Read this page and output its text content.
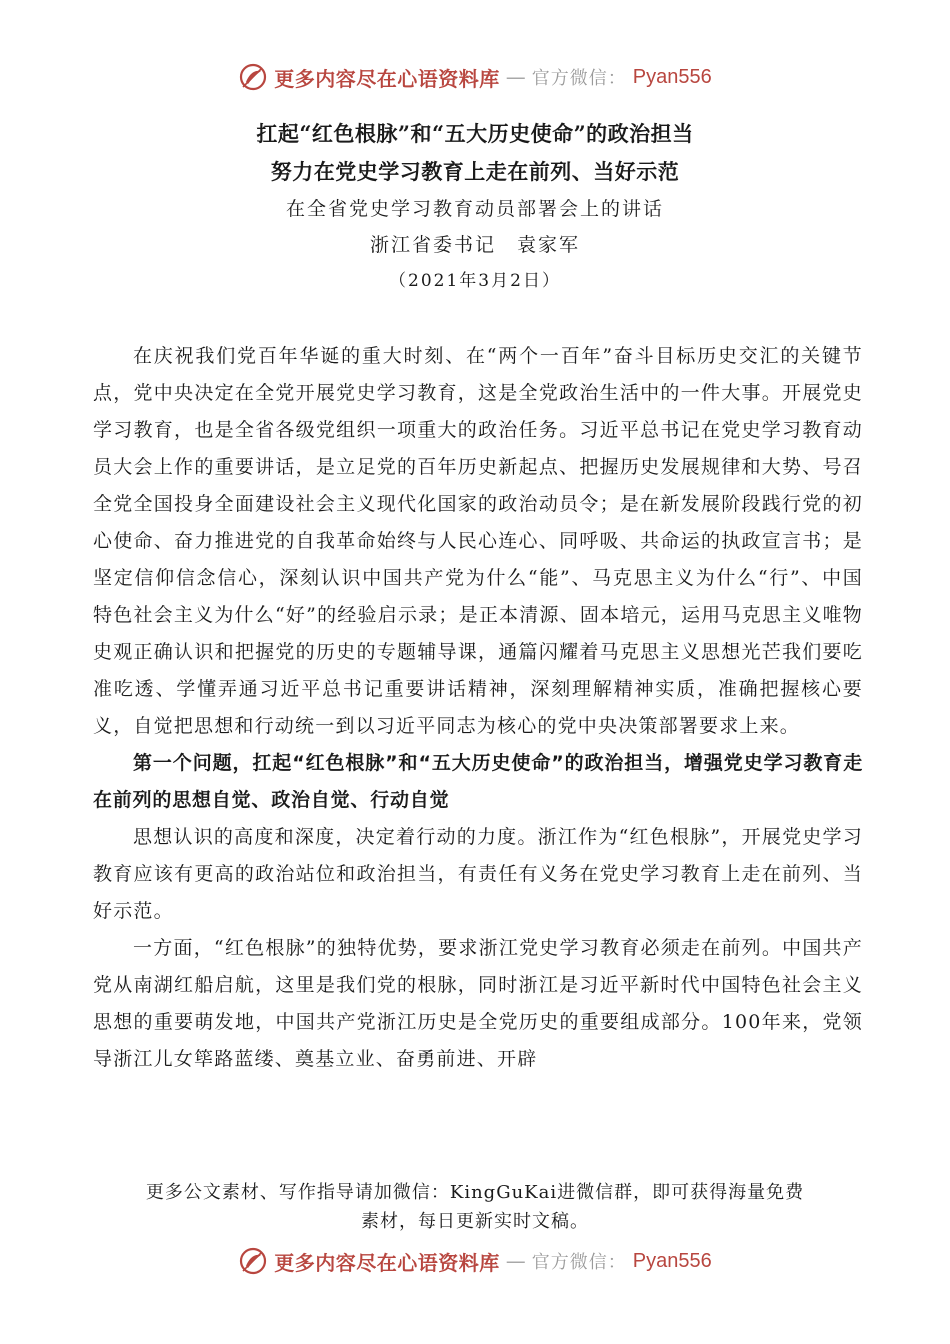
更多内容尽在心语资料库 — 官方微信： Pyan556
扛起“红色根脉”和“五大历史使命”的政治担当
努力在党史学习教育上走在前列、当好示范
在全省党史学习教育动员部署会上的讲话
浙江省委书记　袁家军
（2021年3月2日）

在庆祝我们党百年华诞的重大时刻、在“两个一百年”奋斗目标历史交汇的关键节点，党中央决定在全党开展党史学习教育，这是全党政治生活中的一件大事。开展党史学习教育，也是全省各级党组织一项重大的政治任务。习近平总书记在党史学习教育动员大会上作的重要讲话，是立足党的百年历史新起点、把握历史发展规律和大势、号召全党全国投身全面建设社会主义现代化国家的政治动员令；是在新发展阶段践行党的初心使命、奋力推进党的自我革命始终与人民心连心、同呼吸、共命运的执政宣言书；是坚定信仰信念信心，深刻认识中国共产党为什么“能”、马克思主义为什么“行”、中国特色社会主义为什么“好”的经验启示录；是正本清源、固本培元，运用马克思主义唯物史观正确认识和把握党的历史的专题辅导课，通篇闪耀着马克思主义思想光芒我们要吃准吃透、学懂弄通习近平总书记重要讲话精神，深刻理解精神实质，准确把握核心要义，自觉把思想和行动统一到以习近平同志为核心的党中央决策部署要求上来。

第一个问题，扛起“红色根脉”和“五大历史使命”的政治担当，增强党史学习教育走在前列的思想自觉、政治自觉、行动自觉

思想认识的高度和深度，决定着行动的力度。浙江作为“红色根脉”，开展党史学习教育应该有更高的政治站位和政治担当，有责任有义务在党史学习教育上走在前列、当好示范。

一方面，“红色根脉”的独特优势，要求浙江党史学习教育必须走在前列。中国共产党从南湖红船启航，这里是我们党的根脉，同时浙江是习近平新时代中国特色社会主义思想的重要萌发地，中国共产党浙江历史是全党历史的重要组成部分。100年来，党领导浙江儿女筚路蓝缕、奠基立业、奋勇前进、开辟

更多公文素材、写作指导请加微信：KingGuKai进微信群，即可获得海量免费
素材，每日更新实时文稿。
更多内容尽在心语资料库 — 官方微信： Pyan556
